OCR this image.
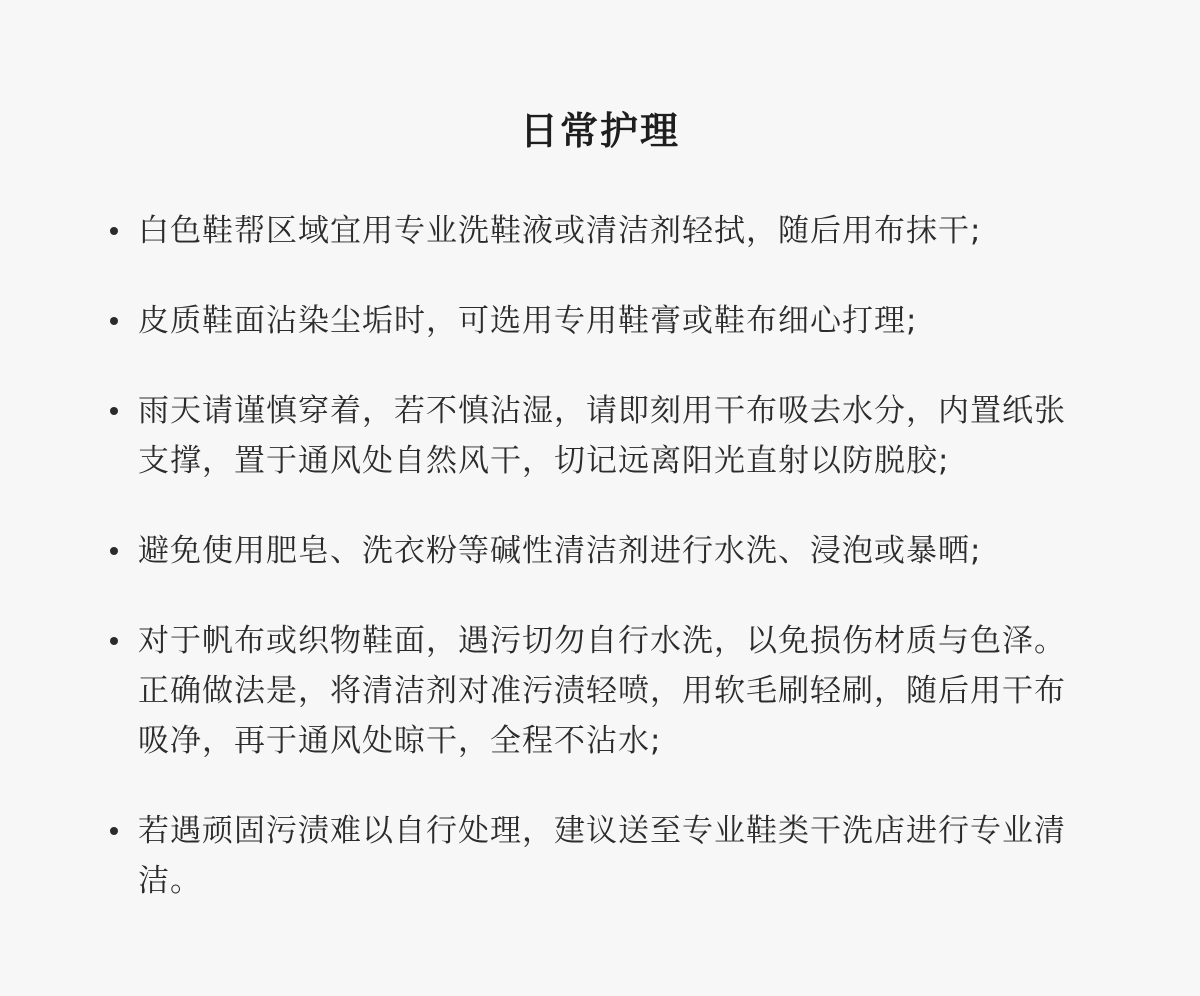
日常护理
白色鞋帮区域宜用专业洗鞋液或清洁剂轻拭，随后用布抹干;
皮质鞋面沾染尘垢时，可选用专用鞋膏或鞋布细心打理;
雨天请谨慎穿着，若不慎沾湿，请即刻用干布吸去水分，内置纸张支撑，置于通风处自然风干，切记远离阳光直射以防脱胶;
避免使用肥皂、洗衣粉等碱性清洁剂进行水洗、浸泡或暴晒;
对于帆布或织物鞋面，遇污切勿自行水洗，以免损伤材质与色泽。正确做法是，将清洁剂对准污渍轻喷，用软毛刷轻刷，随后用干布吸净，再于通风处晾干，全程不沾水;
若遇顽固污渍难以自行处理，建议送至专业鞋类干洗店进行专业清洁。
